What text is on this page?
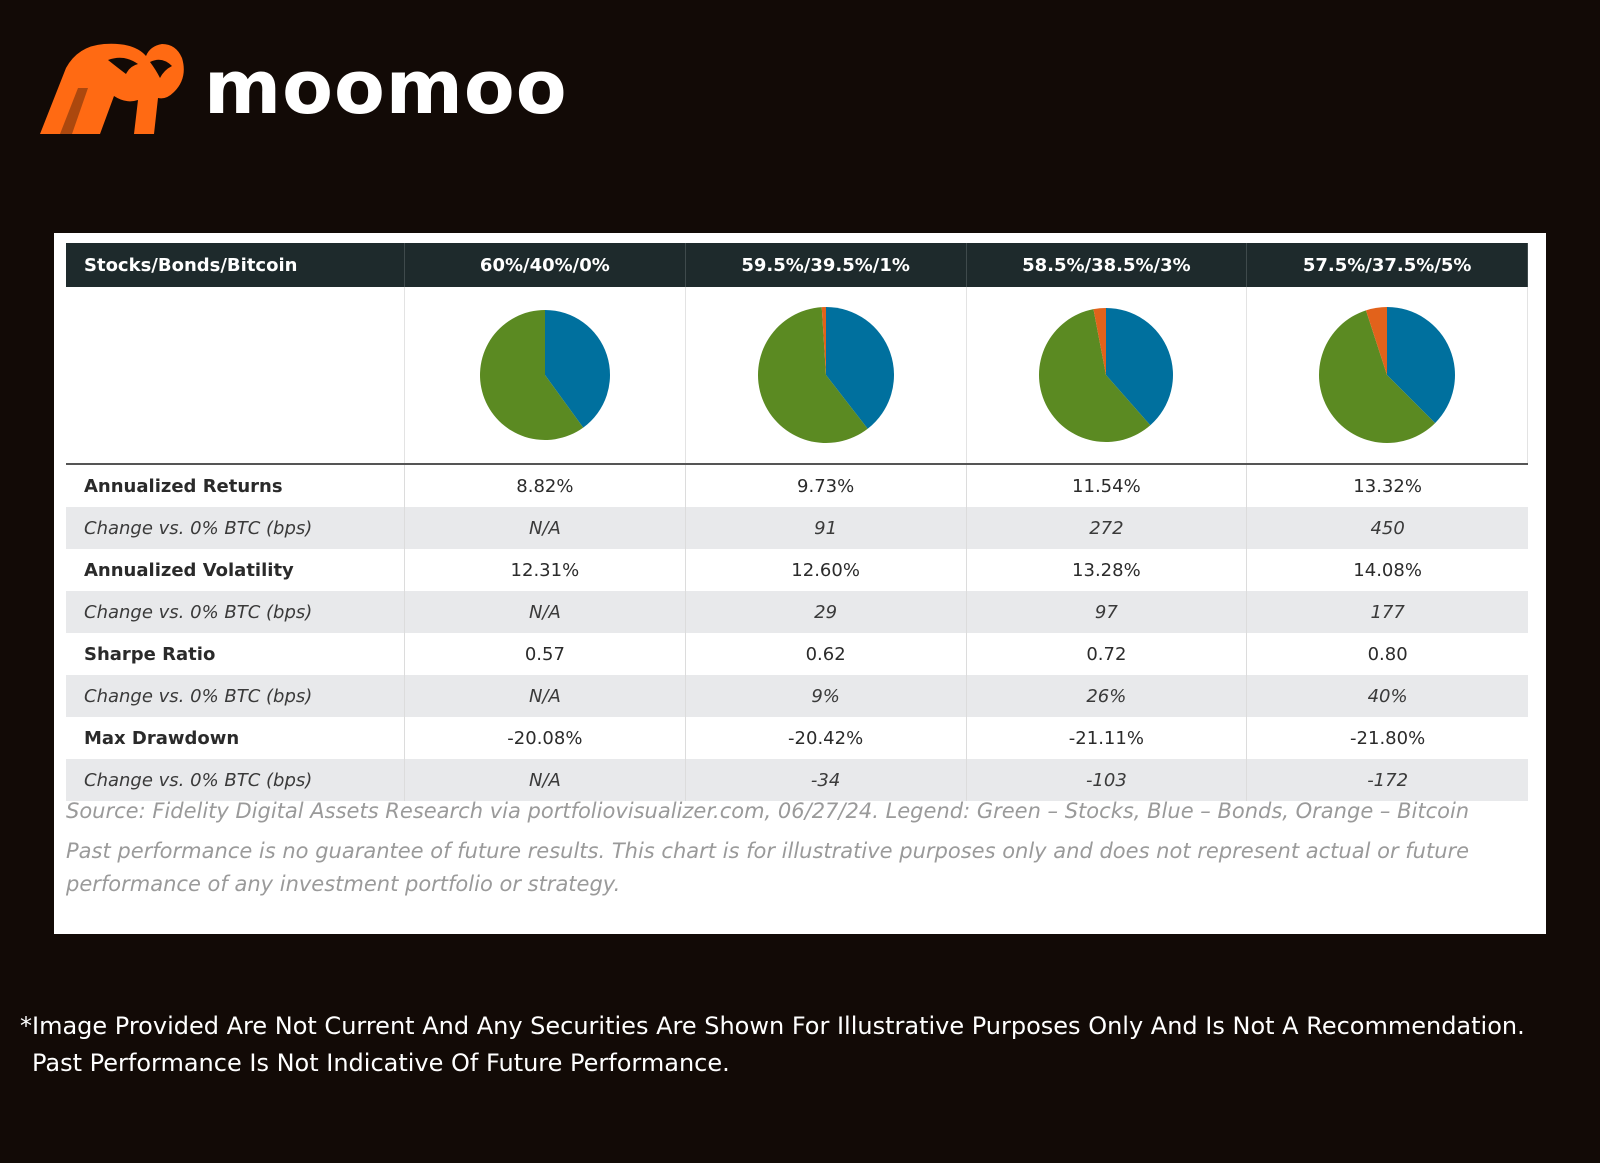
moomoo
Stocks/Bonds/Bitcoin	60%/40%/0%	59.5%/39.5%/1%	58.5%/38.5%/3%	57.5%/37.5%/5%
Annualized Returns	8.82%	9.73%	11.54%	13.32%
Change vs. 0% BTC (bps)	N/A	91	272	450
Annualized Volatility	12.31%	12.60%	13.28%	14.08%
Change vs. 0% BTC (bps)	N/A	29	97	177
Sharpe Ratio	0.57	0.62	0.72	0.80
Change vs. 0% BTC (bps)	N/A	9%	26%	40%
Max Drawdown	-20.08%	-20.42%	-21.11%	-21.80%
Change vs. 0% BTC (bps)	N/A	-34	-103	-172

Source: Fidelity Digital Assets Research via portfoliovisualizer.com, 06/27/24. Legend: Green – Stocks, Blue – Bonds, Orange – Bitcoin

Past performance is no guarantee of future results. This chart is for illustrative purposes only and does not represent actual or future performance of any investment portfolio or strategy.

*Image Provided Are Not Current And Any Securities Are Shown For Illustrative Purposes Only And Is Not A Recommendation.

Past Performance Is Not Indicative Of Future Performance.
